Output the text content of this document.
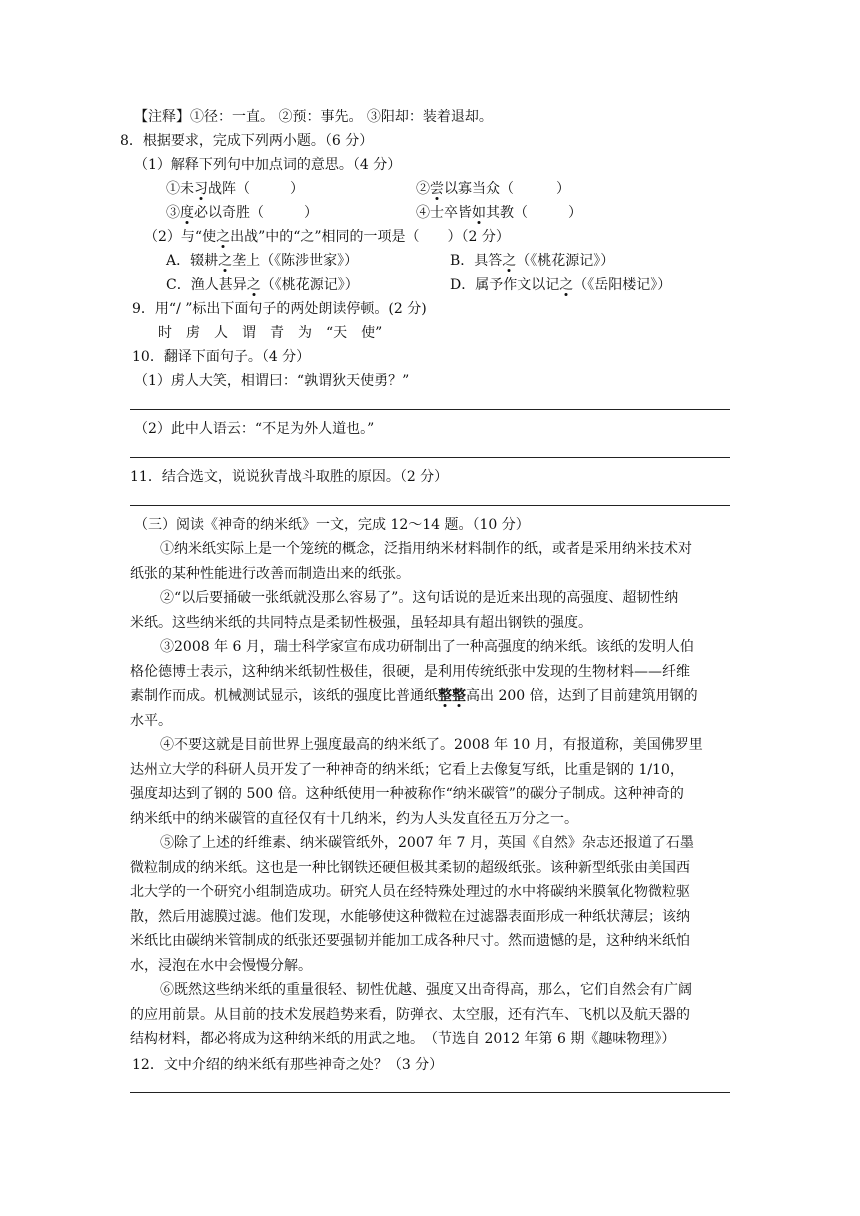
【注释】①径：一直。 ②预：事先。 ③阳却：装着退却。
8．根据要求，完成下列两小题。（6 分）
（1）解释下列句中加点词的意思。（4 分）
①未习战阵（	）	②尝以寡当众（　　　）
③度必以奇胜（	）	④士卒皆如其教（	）
（2）与“使之出战”中的“之”相同的一项是（　　）（2 分）
A．辍耕之垄上（《陈涉世家》）	B．具答之（《桃花源记》）
C．渔人甚异之（《桃花源记》）	D．属予作文以记之（《岳阳楼记》）
9．用“/ ”标出下面句子的两处朗读停顿。(2 分)
时　虏　人　谓　青　为　“天　使”
10．翻译下面句子。（4 分）
（1）虏人大笑，相谓曰：“孰谓狄天使勇？”
（2）此中人语云：“不足为外人道也。”
11．结合选文，说说狄青战斗取胜的原因。（2 分）
（三）阅读《神奇的纳米纸》一文，完成 12～14 题。（10 分）
①纳米纸实际上是一个笼统的概念，泛指用纳米材料制作的纸，或者是采用纳米技术对
纸张的某种性能进行改善而制造出来的纸张。
②“以后要捅破一张纸就没那么容易了”。这句话说的是近来出现的高强度、超韧性纳
米纸。这些纳米纸的共同特点是柔韧性极强，虽轻却具有超出钢铁的强度。
③2008 年 6 月，瑞士科学家宣布成功研制出了一种高强度的纳米纸。该纸的发明人伯
格伦德博士表示，这种纳米纸韧性极佳，很硬，是利用传统纸张中发现的生物材料——纤维
素制作而成。机械测试显示，该纸的强度比普通纸整整高出 200 倍，达到了目前建筑用钢的
水平。
④不要这就是目前世界上强度最高的纳米纸了。2008 年 10 月，有报道称，美国佛罗里
达州立大学的科研人员开发了一种神奇的纳米纸；它看上去像复写纸，比重是钢的 1/10，
强度却达到了钢的 500 倍。这种纸使用一种被称作“纳米碳管”的碳分子制成。这种神奇的
纳米纸中的纳米碳管的直径仅有十几纳米，约为人头发直径五万分之一。
⑤除了上述的纤维素、纳米碳管纸外，2007 年 7 月，英国《自然》杂志还报道了石墨
微粒制成的纳米纸。这也是一种比钢铁还硬但极其柔韧的超级纸张。该种新型纸张由美国西
北大学的一个研究小组制造成功。研究人员在经特殊处理过的水中将碳纳米膜氧化物微粒驱
散，然后用滤膜过滤。他们发现，水能够使这种微粒在过滤器表面形成一种纸状薄层；该纳
米纸比由碳纳米管制成的纸张还要强韧并能加工成各种尺寸。然而遗憾的是，这种纳米纸怕
水，浸泡在水中会慢慢分解。
⑥既然这些纳米纸的重量很轻、韧性优越、强度又出奇得高，那么，它们自然会有广阔
的应用前景。从目前的技术发展趋势来看，防弹衣、太空服，还有汽车、飞机以及航天器的
结构材料，都必将成为这种纳米纸的用武之地。　（节选自 2012 年第 6 期《趣味物理》）
12．文中介绍的纳米纸有那些神奇之处？（3 分）
